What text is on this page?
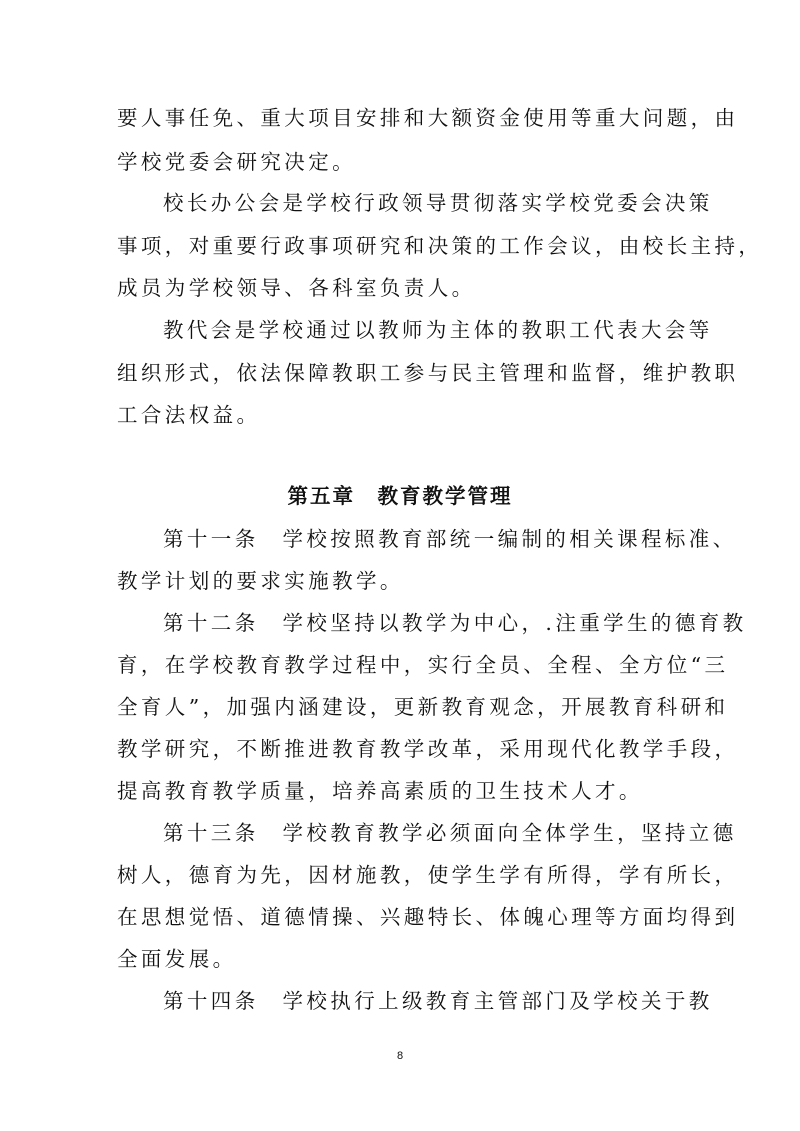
要人事任免、重大项目安排和大额资金使用等重大问题，由
学校党委会研究决定。
校长办公会是学校行政领导贯彻落实学校党委会决策
事项，对重要行政事项研究和决策的工作会议，由校长主持，
成员为学校领导、各科室负责人。
教代会是学校通过以教师为主体的教职工代表大会等
组织形式，依法保障教职工参与民主管理和监督，维护教职
工合法权益。
第五章　教育教学管理
第十一条　学校按照教育部统一编制的相关课程标准、
教学计划的要求实施教学。
第十二条　学校坚持以教学为中心，.注重学生的德育教
育，在学校教育教学过程中，实行全员、全程、全方位“三
全育人”，加强内涵建设，更新教育观念，开展教育科研和
教学研究，不断推进教育教学改革，采用现代化教学手段，
提高教育教学质量，培养高素质的卫生技术人才。
第十三条　学校教育教学必须面向全体学生，坚持立德
树人，德育为先，因材施教，使学生学有所得，学有所长，
在思想觉悟、道德情操、兴趣特长、体魄心理等方面均得到
全面发展。
第十四条　学校执行上级教育主管部门及学校关于教
8
